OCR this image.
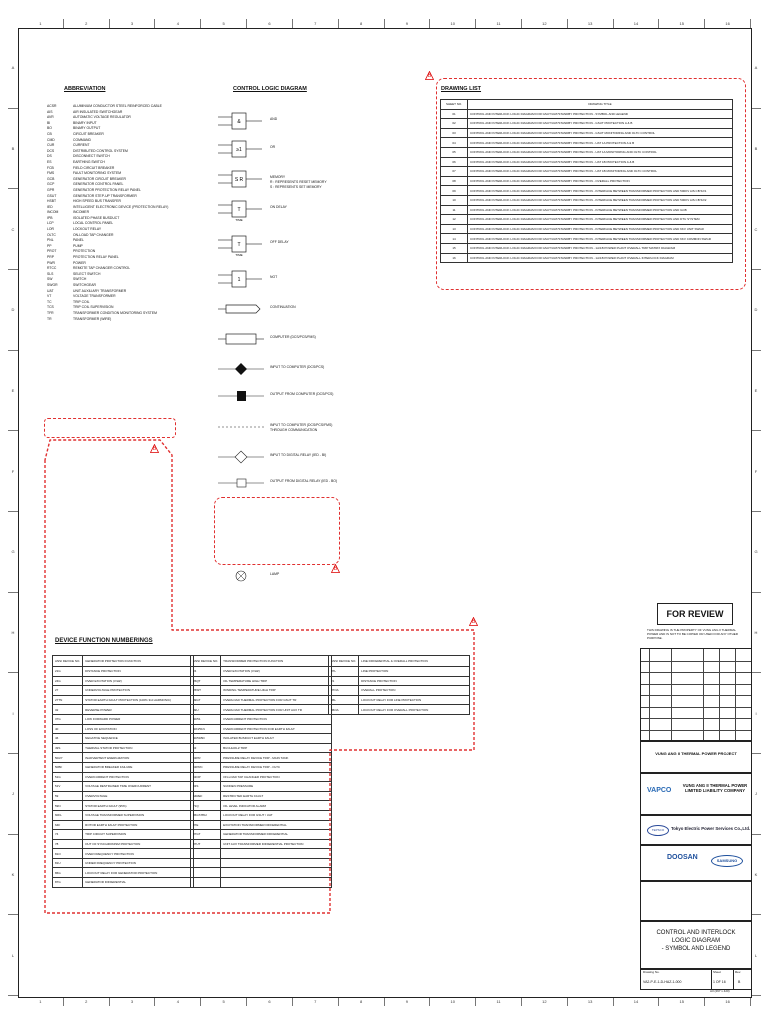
1	2	3	4	5	6	7	8	9	10	11	12	13	14	15	16
1	2	3	4	5	6	7	8	9	10	11	12	13	14	15	16
A
B
C
D
E
F
G
H
I
J
K
L
A
B
C
D
E
F
G
H
I
J
K
L
ABBREVIATION
ACSR	ALUMINIUM CONDUCTOR STEEL REINFORCED CABLE
AIS	AIR INSULATED SWITCHGEAR
AVR	AUTOMATIC VOLTAGE REGULATOR
BI	BINARY INPUT
BO	BINARY OUTPUT
CB	CIRCUIT BREAKER
CMD	COMMAND
CUR	CURRENT
DCS	DISTRIBUTED CONTROL SYSTEM
DS	DISCONNECT SWITCH
ES	EARTHING SWITCH
FCB	FIELD CIRCUIT BREAKER
FMS	FAULT MONITORING SYSTEM
GCB	GENERATOR CIRCUIT BREAKER
GCP	GENERATOR CONTROL PANEL
GPR	GENERATOR PROTECTION RELAY PANEL
GSUT	GENERATOR STEP-UP TRANSFORMER
HSBT	HIGH SPEED BUS TRANSFER
IED	INTELLIGENT ELECTRONIC DEVICE (PROTECTION RELAY)
INCOM	INCOMER
IPB	ISOLATED PHASE BUSDUCT
LCP	LOCAL CONTROL PANEL
LOR	LOCKOUT RELAY
OLTC	ON-LOAD TAP CHANGER
PNL	PANEL
PP	PUMP
PROT	PROTECTION
PRP	PROTECTION RELAY PANEL
PWR	POWER
RTCC	REMOTE TAP CHANGER CONTROL
SLS	SELECT SWITCH
SW	SWITCH
SWGR	SWITCHGEAR
UAT	UNIT AUXILIARY TRANSFORMER
VT	VOLTAGE TRANSFORMER
TC	TRIP COIL
TCS	TRIP COIL SUPERVISION
TFR	TRANSFORMER CONDITION MONITORING SYSTEM
TR	TRANSFORMER (WIRE)
CONTROL LOGIC DIAGRAM
&	AND
≥1	OR
S R	MEMORY
R : REPRESENTS RESET MEMORY
S : REPRESENTS SET MEMORY
T
TIME
ON DELAY
T
TIME
OFF DELAY
1	NOT
CONTINUATION
COMPUTER (DCS/PCS/FMS)
INPUT TO COMPUTER (DCS/PCS)
OUTPUT FROM COMPUTER (DCS/PCS)
INPUT TO COMPUTER (DCS/PCS/FMS)
THROUGH COMMUNICATION
INPUT TO DIGITAL RELAY (IED - BI)
OUTPUT FROM DIGITAL RELAY (IED - BO)
LAMP
DRAWING LIST
SHEET NO.	DRAWING TITLE
01	CONTROL AND INTERLOCK LOGIC DIAGRAM FOR GSUT/UAT/STANDBY PROTECTION - SYMBOL AND LEGEND
02	CONTROL AND INTERLOCK LOGIC DIAGRAM FOR GSUT/UAT/STANDBY PROTECTION - GSUT PROTECTION A & B
03	CONTROL AND INTERLOCK LOGIC DIAGRAM FOR GSUT/UAT/STANDBY PROTECTION - GSUT MONITORING AND OLTC CONTROL
04	CONTROL AND INTERLOCK LOGIC DIAGRAM FOR GSUT/UAT/STANDBY PROTECTION - UAT 1A PROTECTION A & B
05	CONTROL AND INTERLOCK LOGIC DIAGRAM FOR GSUT/UAT/STANDBY PROTECTION - UAT 1A MONITORING AND OLTC CONTROL
06	CONTROL AND INTERLOCK LOGIC DIAGRAM FOR GSUT/UAT/STANDBY PROTECTION - UAT 1B PROTECTION A & B
07	CONTROL AND INTERLOCK LOGIC DIAGRAM FOR GSUT/UAT/STANDBY PROTECTION - UAT 1B MONITORING AND OLTC CONTROL
08	CONTROL AND INTERLOCK LOGIC DIAGRAM FOR GSUT/UAT/STANDBY PROTECTION - OVERALL PROTECTION
09	CONTROL AND INTERLOCK LOGIC DIAGRAM FOR GSUT/UAT/STANDBY PROTECTION - INTERFACE BETWEEN TRANSFORMER PROTECTION AND 500KV AIS CB 52/1
10	CONTROL AND INTERLOCK LOGIC DIAGRAM FOR GSUT/UAT/STANDBY PROTECTION - INTERFACE BETWEEN TRANSFORMER PROTECTION AND 500KV AIS CB 52/2
11	CONTROL AND INTERLOCK LOGIC DIAGRAM FOR GSUT/UAT/STANDBY PROTECTION - INTERFACE BETWEEN TRANSFORMER PROTECTION AND GCB
12	CONTROL AND INTERLOCK LOGIC DIAGRAM FOR GSUT/UAT/STANDBY PROTECTION - INTERFACE BETWEEN TRANSFORMER PROTECTION AND DTU SYSTEM
13	CONTROL AND INTERLOCK LOGIC DIAGRAM FOR GSUT/UAT/STANDBY PROTECTION - INTERFACE BETWEEN TRANSFORMER PROTECTION AND 6KV UNIT SWGR
14	CONTROL AND INTERLOCK LOGIC DIAGRAM FOR GSUT/UAT/STANDBY PROTECTION - INTERFACE BETWEEN TRANSFORMER PROTECTION AND 6KV COMMON SWGR
15	CONTROL AND INTERLOCK LOGIC DIAGRAM FOR GSUT/UAT/STANDBY PROTECTION - 1A/1B POWER PLANT OVERALL TRIP MATRIX DIAGRAM
16	CONTROL AND INTERLOCK LOGIC DIAGRAM FOR GSUT/UAT/STANDBY PROTECTION - 1A/1B POWER PLANT OVERALL INTERLOCK DIAGRAM
DEVICE FUNCTION NUMBERINGS
ANSI DEVICE NO.	GENERATOR PROTECTION FUNCTION
21G	DISTANCE PROTECTION
24G	OVER EXCITATION (V/HZ)
27	UNDERVOLTAGE PROTECTION
27TN	STATOR EARTH FAULT PROTECTION (100% 3rd HARMONIC)
32	REVERSE POWER
37G	LOW FORWARD POWER
40	LOSS OF EXCITATION
46	NEGATIVE SEQUENCE
49S	THERMAL STATOR PROTECTION
50/27	INADVERTENT ENERGIZATION
50BF	GENERATOR BREAKER FAILURE
51G	OVERCURRENT PROTECTION
51V	VOLTAGE RESTRAINED TIME OVERCURRENT
59	OVERVOLTAGE
59N	STATOR EARTH FAULT (95%)
60FL	VOLTAGE TRANSFORMER SUPERVISION
64F	ROTOR EARTH FAULT PROTECTION
74	TRIP CIRCUIT SUPERVISION
78	OUT OF SYNCHRONISM PROTECTION
81O	OVER FREQUENCY PROTECTION
81U	UNDER FREQUENCY PROTECTION
86G	LOCKOUT RELAY FOR GENERATOR PROTECTION
87G	GENERATOR DIFFERENTIAL
ANSI DEVICE NO.	TRANSFORMER PROTECTION FUNCTION
24	OVER EXCITATION (V/HZ)
26QT	OIL TEMPERATURE HIGH TRIP
26WT	WINDING TEMPERATURE HIGH TRIP
49GT	OVERLOAD THERMAL PROTECTION FOR GSUT TR
49U	OVERLOAD THERMAL PROTECTION FOR UNIT AUX TR
50/51	OVERCURRENT PROTECTION
50N/51N	OVERCURRENT PROTECTION FOR EARTH FAULT
50/51BD	ISOLATED BUSDUCT EARTH FAULT
63	BUCHHOLZ TRIP
63PR	PRESSURE RELAY DEVICE TRIP - MAIN TANK
63PRC	PRESSURE RELAY DEVICE TRIP - OLTC
63OP	ON-LOAD TAP CHANGER PROTECTION
63S	SUDDEN PRESSURE
64REF	RESTRICTED EARTH FAULT
71Q	OIL LEVEL INDICATOR ALARM
86GT/86U	LOCKOUT RELAY FOR GSUT / UAT
87E	EXCITATION TRANSFORMER DIFFERENTIAL
87GT	GENERATOR TRANSFORMER DIFFERENTIAL
87UT	UNIT AUX TRANSFORMER DIFFERENTIAL PROTECTION

ANSI DEVICE NO.	LINE DIFFERENTIAL & OVERALL PROTECTION
87L	LINE PROTECTION
21	DISTANCE PROTECTION
87OA	OVERALL PROTECTION
86L	LOCKOUT RELAY FOR LINE PROTECTION
86OA	LOCKOUT RELAY FOR OVERALL PROTECTION
B
B
B
B
FOR REVIEW
THIS DRAWING IS THE PROPERTY OF VUNG ANG II THERMAL POWER AND IS NOT TO BE COPIED OR USED FOR ANY OTHER PURPOSE.
VUNG ANG II THERMAL POWER PROJECT
VAPCO
VUNG ANG II THERMAL POWER LIMITED LIABILITY COMPANY
TEPSCO	Tokyo Electric Power Services Co.,Ltd.
DOOSAN	SAMSUNG
CONTROL AND INTERLOCK
LOGIC DIAGRAM
- SYMBOL AND LEGEND
Drawing No.
VA2-P-E-1-D-HAZ-1-000
Sheet
1 OF 16
Rev.
B
A3 (297 x 420)
